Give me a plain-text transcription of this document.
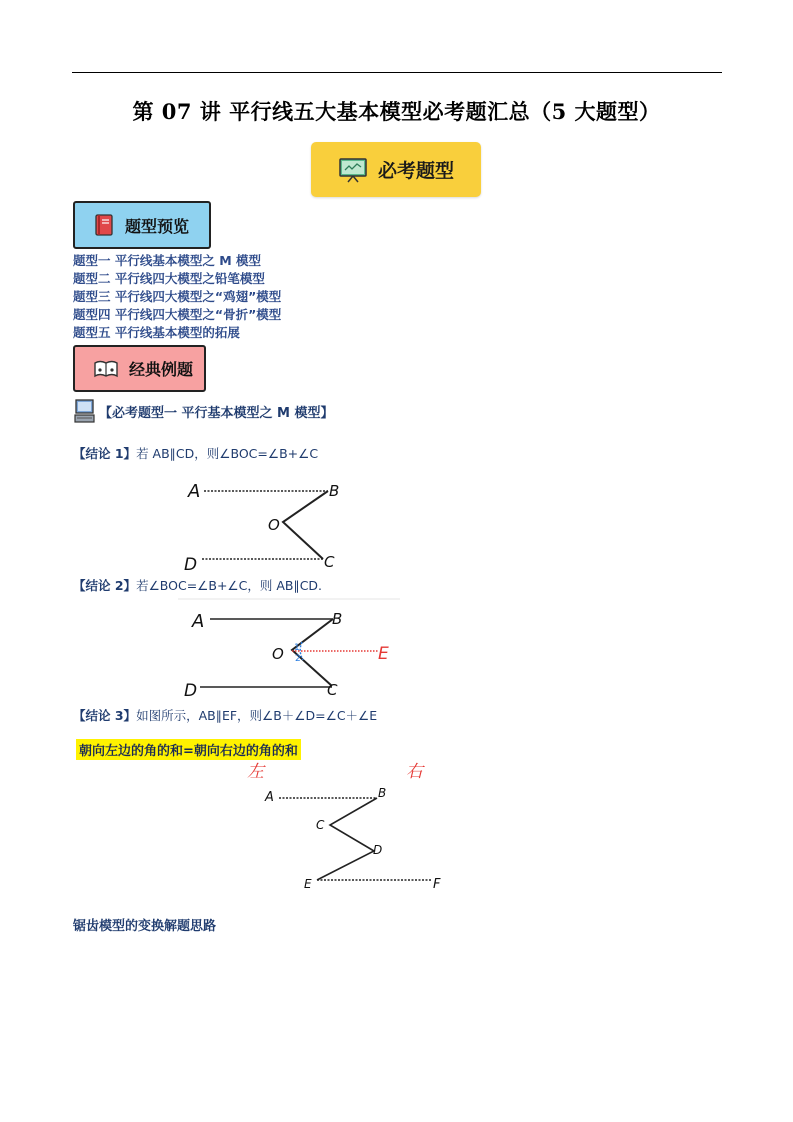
第 07 讲 平行线五大基本模型必考题汇总（5 大题型）
必考题型
题型预览
题型一 平行线基本模型之 M 模型
题型二 平行线四大模型之铅笔模型
题型三 平行线四大模型之“鸡翅”模型
题型四 平行线四大模型之“骨折”模型
题型五 平行线基本模型的拓展
经典例题
【必考题型一 平行基本模型之 M 模型】
【结论 1】若 AB∥CD，则∠BOC=∠B+∠C
A	B
O
D	C
【结论 2】若∠BOC=∠B+∠C，则 AB∥CD.
1
2
A	B
O	E
D	C
【结论 3】如图所示，AB∥EF，则∠B＋∠D=∠C＋∠E
朝向左边的角的和=朝向右边的角的和
左	右
A	B
C
D
E	F
锯齿模型的变换解题思路
